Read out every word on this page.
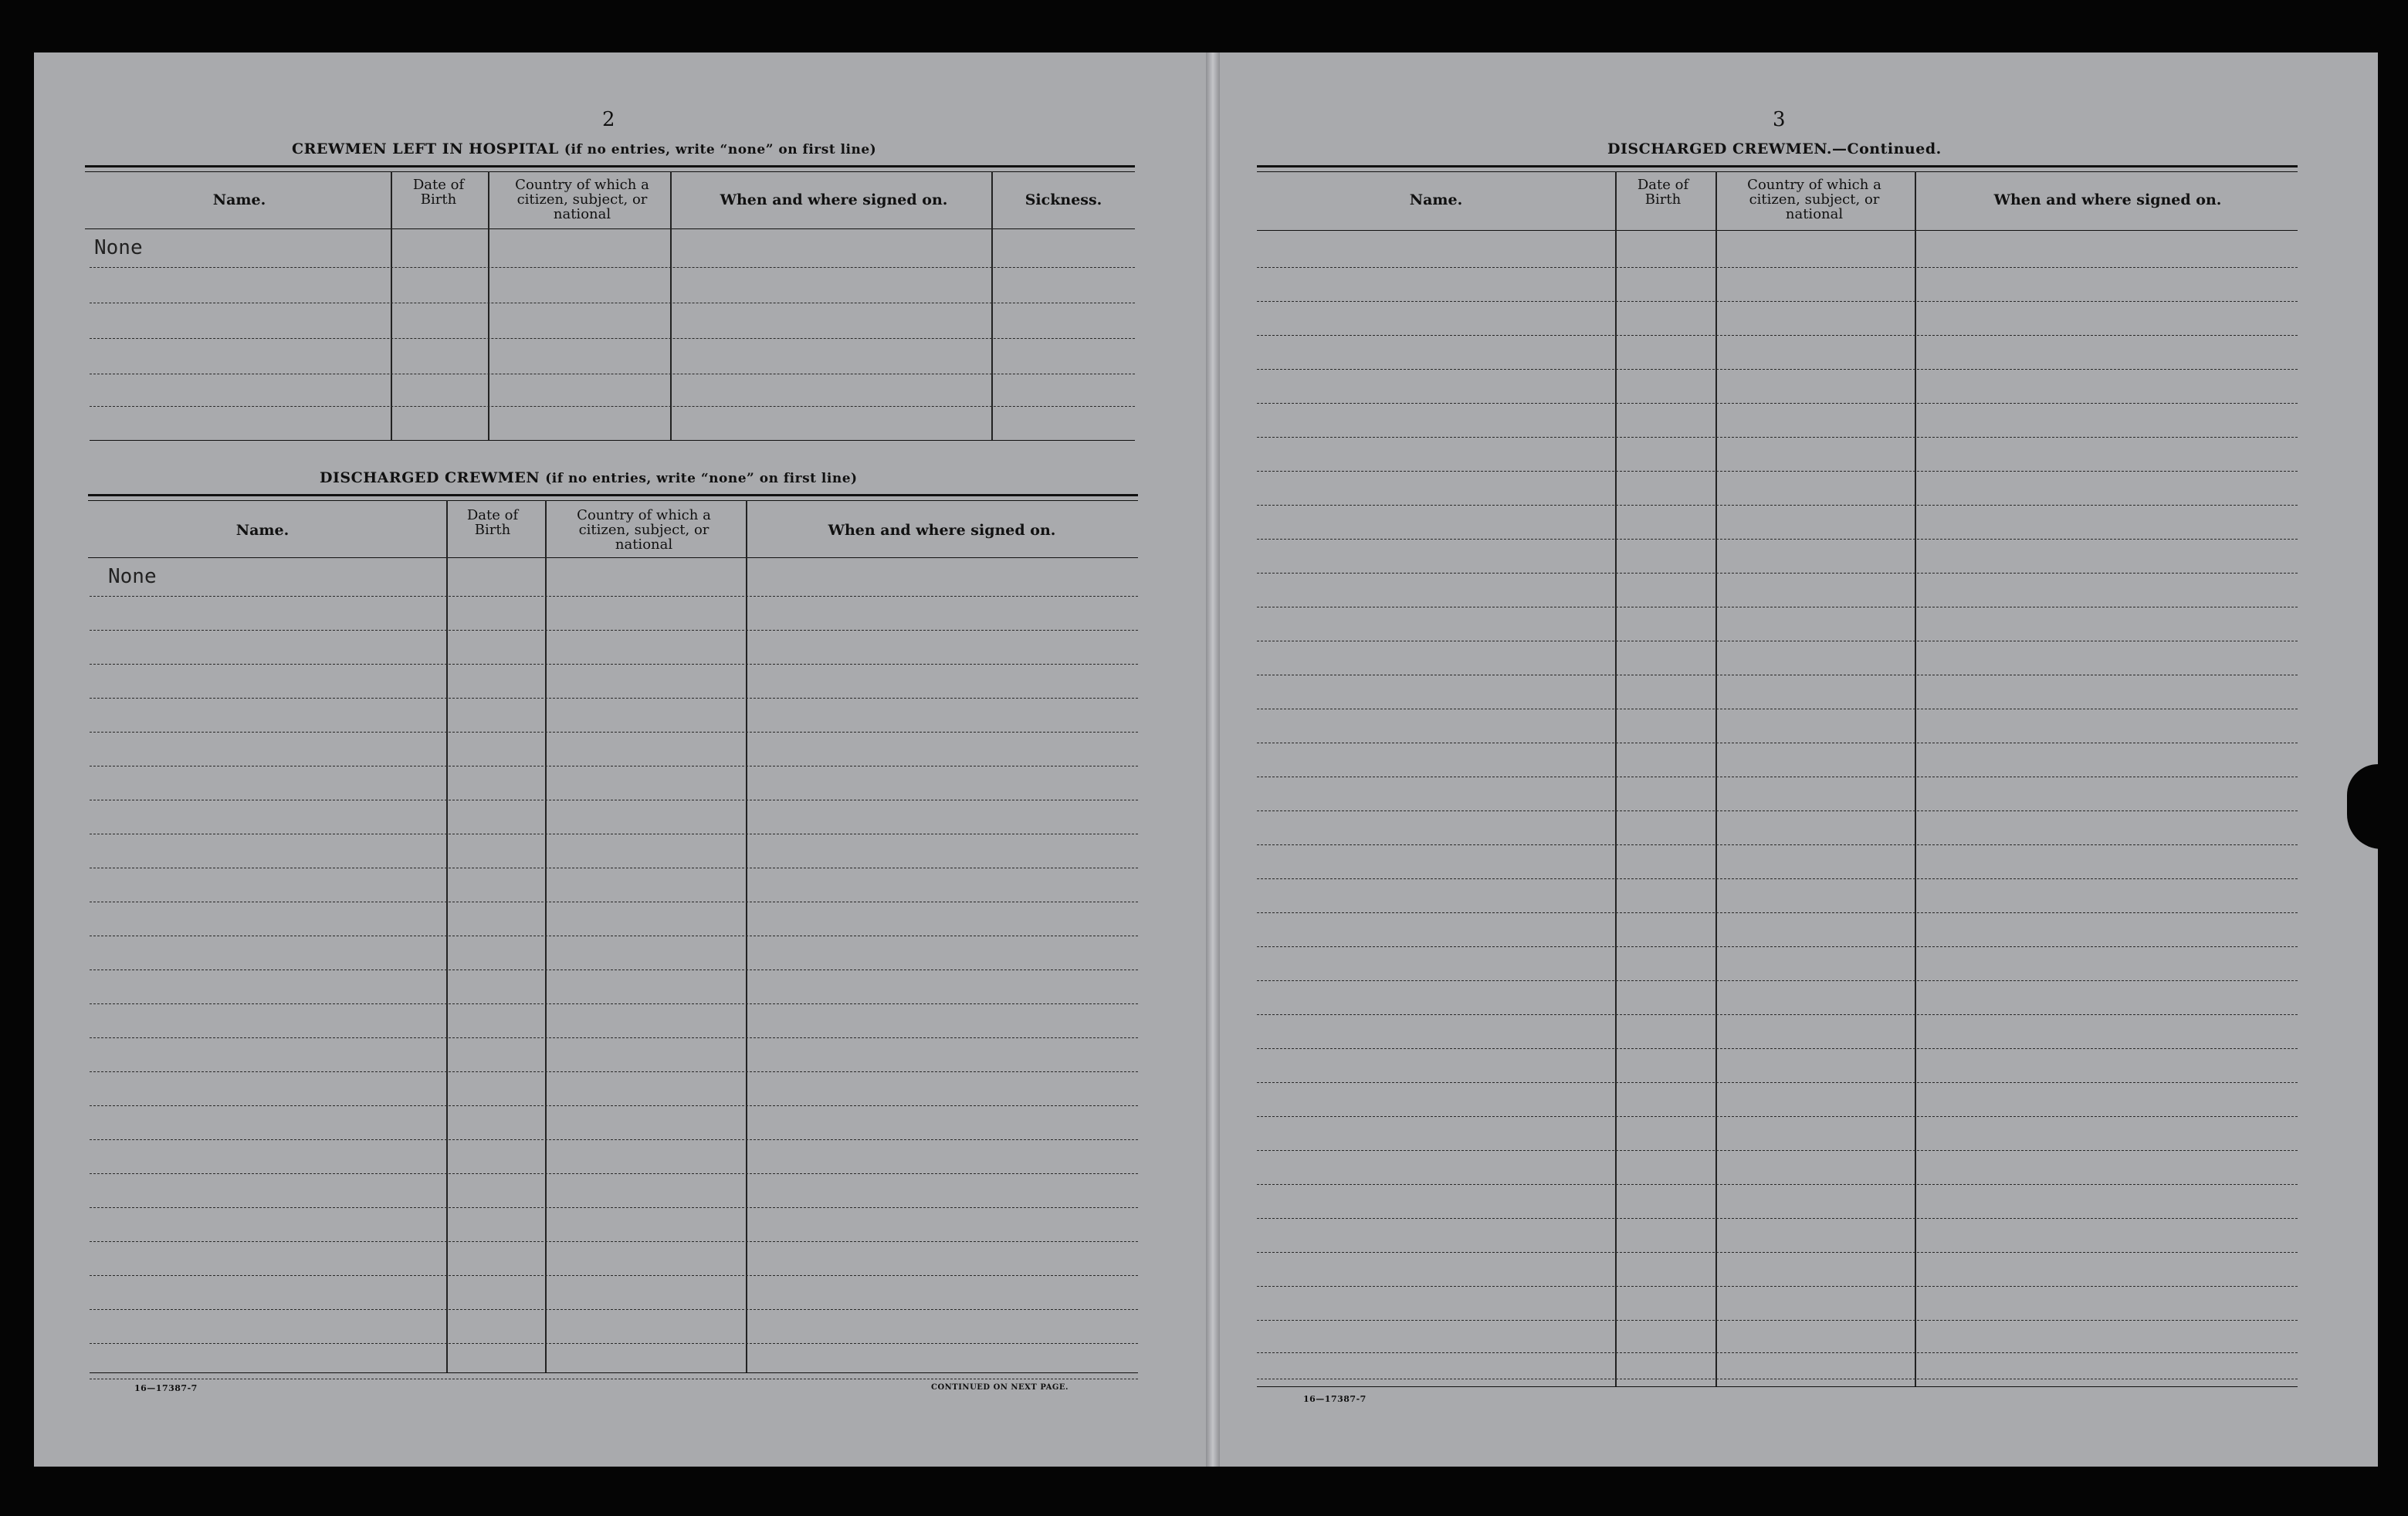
2
CREWMEN LEFT IN HOSPITAL (if no entries, write “none” on first line)
Name.
Date of Birth
Country of which a citizen, subject, or national
When and where signed on.	Sickness.
None
DISCHARGED CREWMEN (if no entries, write “none” on first line)
Name.
Date of Birth
Country of which a citizen, subject, or national
When and where signed on.
None
16—17387-7	CONTINUED ON NEXT PAGE.
3
DISCHARGED CREWMEN.—Continued.
Name.
Date of Birth
Country of which a citizen, subject, or national
When and where signed on.
16—17387-7
